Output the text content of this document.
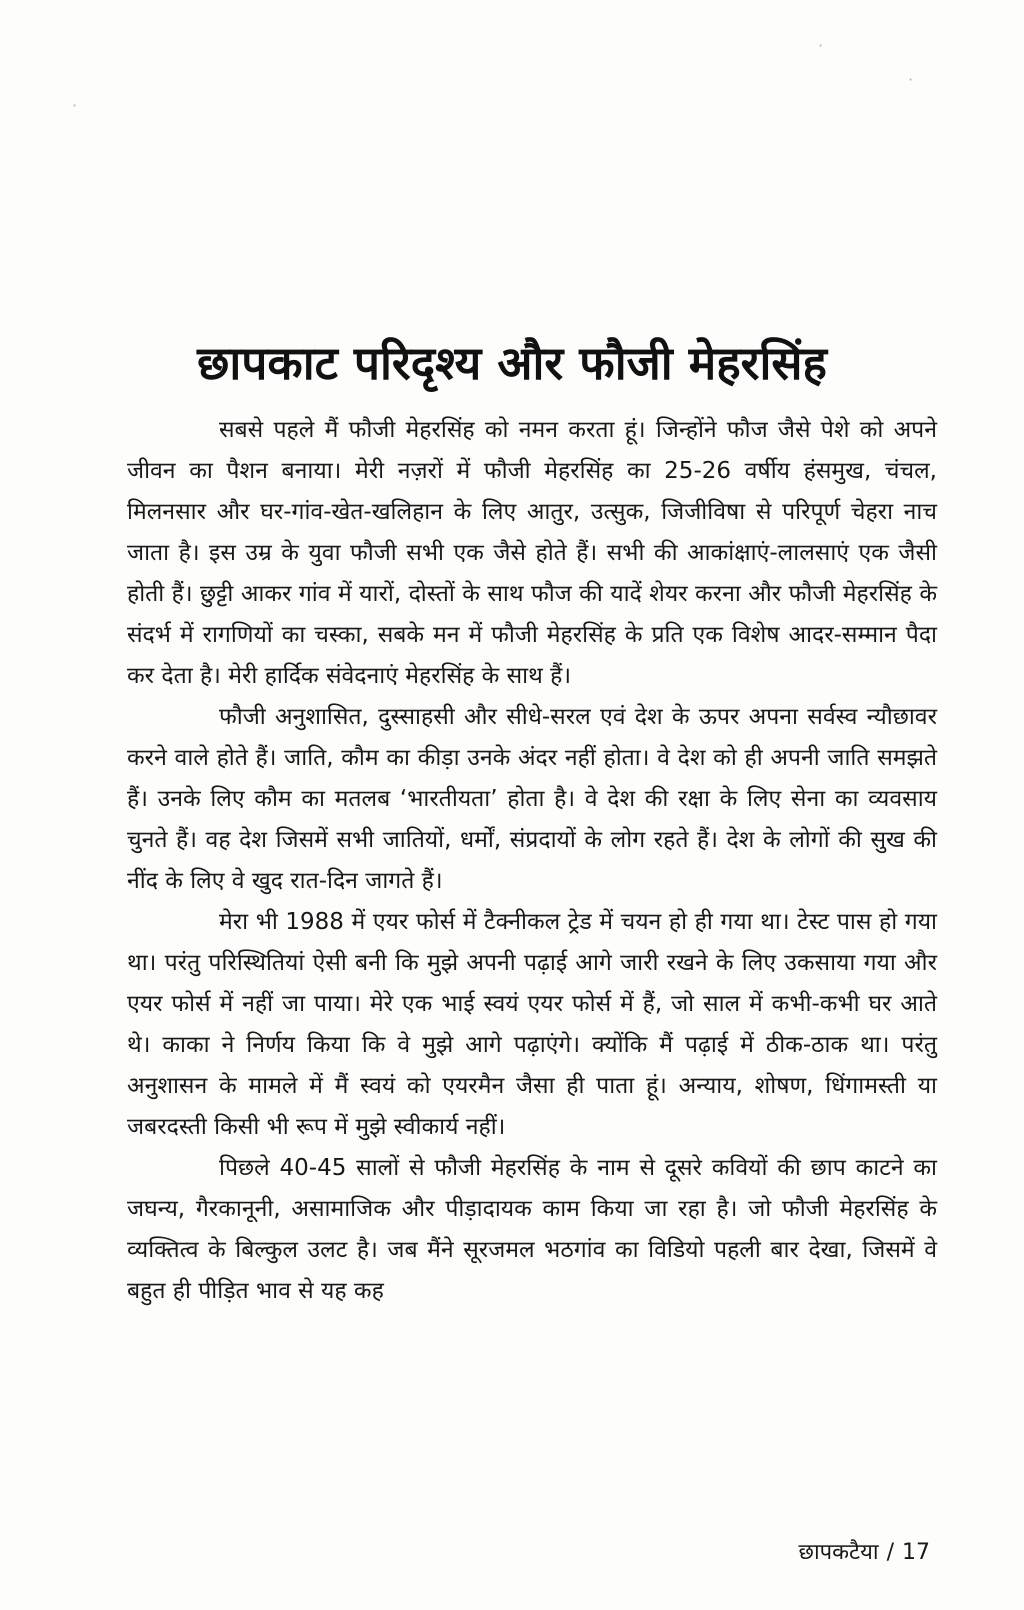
·
·
·
छापकाट परिदृश्य और फौजी मेहरसिंह

सबसे पहले मैं फौजी मेहरसिंह को नमन करता हूं। जिन्होंने फौज जैसे पेशे को अपने जीवन का पैशन बनाया। मेरी नज़रों में फौजी मेहरसिंह का 25-26 वर्षीय हंसमुख, चंचल, मिलनसार और घर-गांव-खेत-खलिहान के लिए आतुर, उत्सुक, जिजीविषा से परिपूर्ण चेहरा नाच जाता है। इस उम्र के युवा फौजी सभी एक जैसे होते हैं। सभी की आकांक्षाएं-लालसाएं एक जैसी होती हैं। छुट्टी आकर गांव में यारों, दोस्तों के साथ फौज की यादें शेयर करना और फौजी मेहरसिंह के संदर्भ में रागणियों का चस्का, सबके मन में फौजी मेहरसिंह के प्रति एक विशेष आदर-सम्मान पैदा कर देता है। मेरी हार्दिक संवेदनाएं मेहरसिंह के साथ हैं।

फौजी अनुशासित, दुस्साहसी और सीधे-सरल एवं देश के ऊपर अपना सर्वस्व न्यौछावर करने वाले होते हैं। जाति, कौम का कीड़ा उनके अंदर नहीं होता। वे देश को ही अपनी जाति समझते हैं। उनके लिए कौम का मतलब ‘भारतीयता’ होता है। वे देश की रक्षा के लिए सेना का व्यवसाय चुनते हैं। वह देश जिसमें सभी जातियों, धर्मों, संप्रदायों के लोग रहते हैं। देश के लोगों की सुख की नींद के लिए वे खुद रात-दिन जागते हैं।

मेरा भी 1988 में एयर फोर्स में टैक्नीकल ट्रेड में चयन हो ही गया था। टेस्ट पास हो गया था। परंतु परिस्थितियां ऐसी बनी कि मुझे अपनी पढ़ाई आगे जारी रखने के लिए उकसाया गया और एयर फोर्स में नहीं जा पाया। मेरे एक भाई स्वयं एयर फोर्स में हैं, जो साल में कभी-कभी घर आते थे। काका ने निर्णय किया कि वे मुझे आगे पढ़ाएंगे। क्योंकि मैं पढ़ाई में ठीक-ठाक था। परंतु अनुशासन के मामले में मैं स्वयं को एयरमैन जैसा ही पाता हूं। अन्याय, शोषण, धिंगामस्ती या जबरदस्ती किसी भी रूप में मुझे स्वीकार्य नहीं।

पिछले 40-45 सालों से फौजी मेहरसिंह के नाम से दूसरे कवियों की छाप काटने का जघन्य, गैरकानूनी, असामाजिक और पीड़ादायक काम किया जा रहा है। जो फौजी मेहरसिंह के व्यक्तित्व के बिल्कुल उलट है। जब मैंने सूरजमल भठगांव का विडियो पहली बार देखा, जिसमें वे बहुत ही पीड़ित भाव से यह कह

छापकटैया / 17
